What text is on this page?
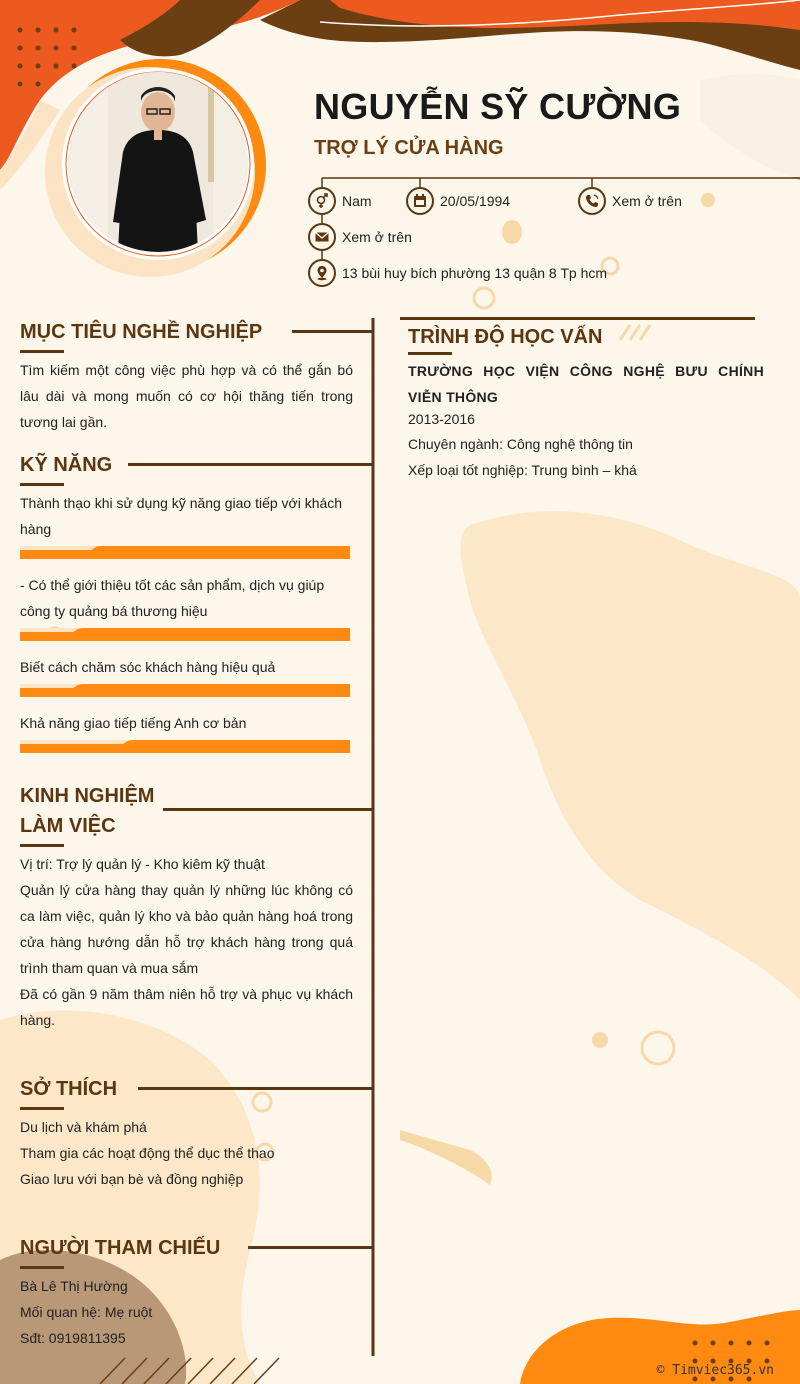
NGUYỄN SỸ CƯỜNG
TRỢ LÝ CỬA HÀNG
Nam	20/05/1994	Xem ở trên
Xem ở trên
13 bùi huy bích phường 13 quận 8 Tp hcm
MỤC TIÊU NGHỀ NGHIỆP
Tìm kiếm một công việc phù hợp và có thể gắn bó lâu dài và mong muốn có cơ hội thăng tiến trong tương lai gần.
KỸ NĂNG
Thành thạo khi sử dụng kỹ năng giao tiếp với khách hàng
- Có thể giới thiệu tốt các sản phẩm, dịch vụ giúp công ty quảng bá thương hiệu
Biết cách chăm sóc khách hàng hiệu quả
Khả năng giao tiếp tiếng Anh cơ bản
KINH NGHIỆM
LÀM VIỆC
Vị trí: Trợ lý quản lý - Kho kiêm kỹ thuật
Quản lý cửa hàng thay quản lý những lúc không có ca làm việc, quản lý kho và bảo quản hàng hoá trong cửa hàng hướng dẫn hỗ trợ khách hàng trong quá trình tham quan và mua sắm
Đã có gần 9 năm thâm niên hỗ trợ và phục vụ khách hàng.
SỞ THÍCH
Du lịch và khám phá
Tham gia các hoạt động thể dục thể thao
Giao lưu với bạn bè và đồng nghiệp
NGƯỜI THAM CHIẾU
Bà Lê Thị Hường
Mối quan hệ: Mẹ ruột
Sđt: 0919811395
TRÌNH ĐỘ HỌC VẤN
TRƯỜNG HỌC VIỆN CÔNG NGHỆ BƯU CHÍNH VIỄN THÔNG
2013-2016
Chuyên ngành: Công nghệ thông tin
Xếp loại tốt nghiệp: Trung bình – khá
© Timviec365.vn
